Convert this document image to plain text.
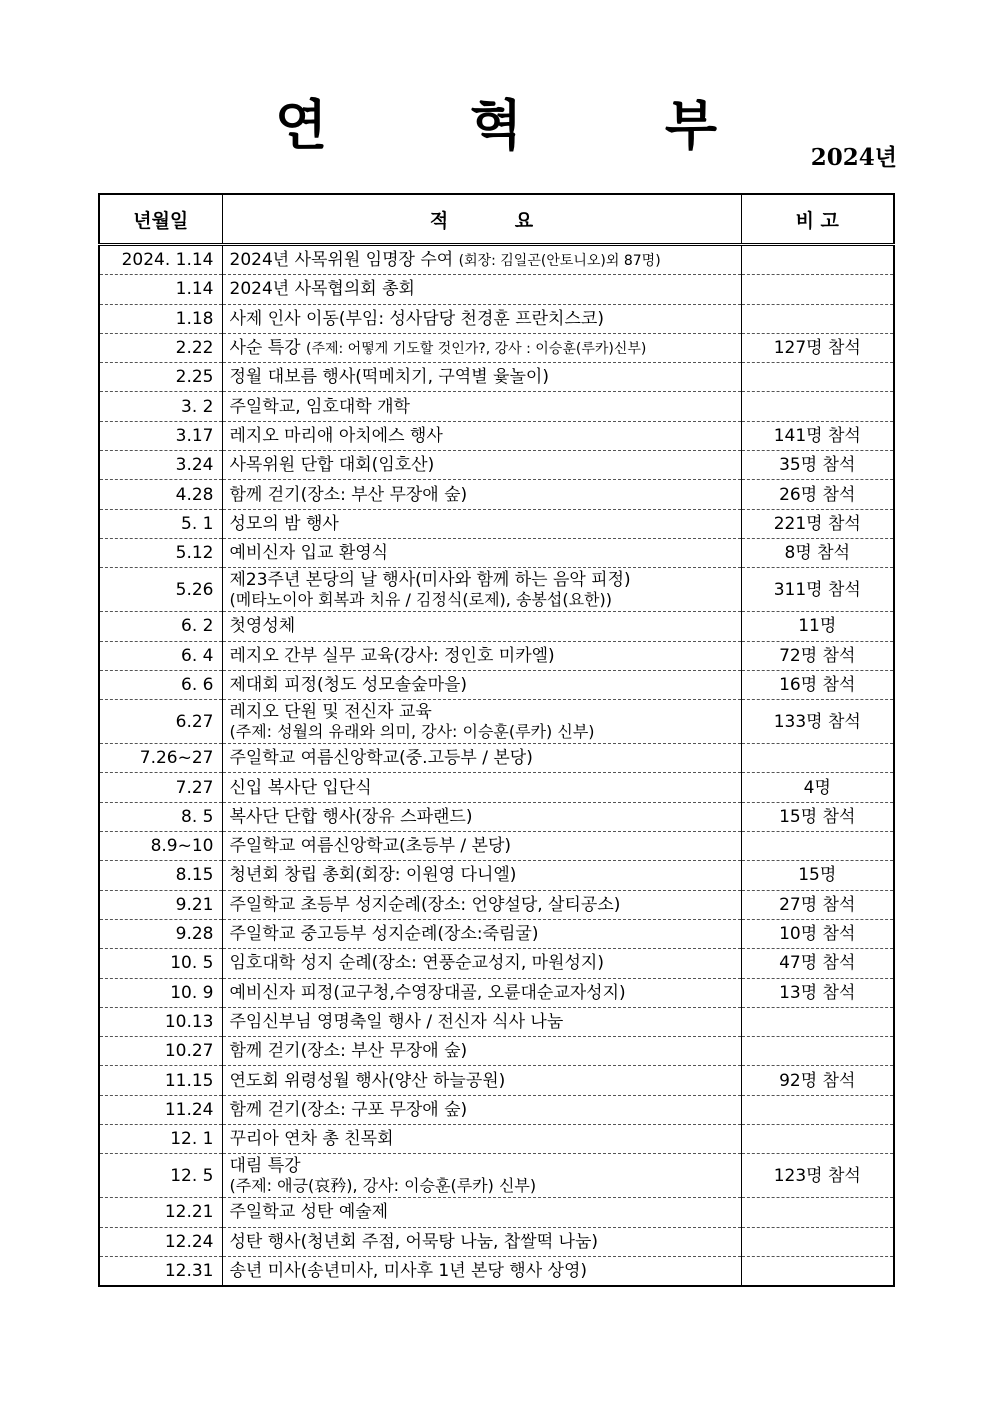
연 혁 부
2024년
년월일	적 요	비 고
2024. 1.14	2024년 사목위원 임명장 수여 (회장: 김일곤(안토니오)외 87명)	
1.14	2024년 사목협의회 총회	
1.18	사제 인사 이동(부임: 성사담당 천경훈 프란치스코)	
2.22	사순 특강 (주제: 어떻게 기도할 것인가?, 강사 : 이승훈(루카)신부)	127명 참석
2.25	정월 대보름 행사(떡메치기, 구역별 윷놀이)	
3. 2	주일학교, 임호대학 개학	
3.17	레지오 마리애 아치에스 행사	141명 참석
3.24	사목위원 단합 대회(임호산)	35명 참석
4.28	함께 걷기(장소: 부산 무장애 숲)	26명 참석
5. 1	성모의 밤 행사	221명 참석
5.12	예비신자 입교 환영식	8명 참석
5.26	제23주년 본당의 날 행사(미사와 함께 하는 음악 피정)
(메타노이아 회복과 치유 / 김정식(로제), 송봉섭(요한))	311명 참석
6. 2	첫영성체	11명
6. 4	레지오 간부 실무 교육(강사: 정인호 미카엘)	72명 참석
6. 6	제대회 피정(청도 성모솔숲마을)	16명 참석
6.27	레지오 단원 및 전신자 교육
(주제: 성월의 유래와 의미, 강사: 이승훈(루카) 신부)	133명 참석
7.26~27	주일학교 여름신앙학교(중.고등부 / 본당)	
7.27	신입 복사단 입단식	4명
8. 5	복사단 단합 행사(장유 스파랜드)	15명 참석
8.9~10	주일학교 여름신앙학교(초등부 / 본당)	
8.15	청년회 창립 총회(회장: 이원영 다니엘)	15명
9.21	주일학교 초등부 성지순례(장소: 언양설당, 살티공소)	27명 참석
9.28	주일학교 중고등부 성지순례(장소:죽림굴)	10명 참석
10. 5	임호대학 성지 순례(장소: 연풍순교성지, 마원성지)	47명 참석
10. 9	예비신자 피정(교구청,수영장대골, 오륜대순교자성지)	13명 참석
10.13	주임신부님 영명축일 행사 / 전신자 식사 나눔	
10.27	함께 걷기(장소: 부산 무장애 숲)	
11.15	연도회 위령성월 행사(양산 하늘공원)	92명 참석
11.24	함께 걷기(장소: 구포 무장애 숲)	
12. 1	꾸리아 연차 총 친목회	
12. 5	대림 특강
(주제: 애긍(哀矜), 강사: 이승훈(루카) 신부)	123명 참석
12.21	주일학교 성탄 예술제	
12.24	성탄 행사(청년회 주점, 어묵탕 나눔, 찹쌀떡 나눔)	
12.31	송년 미사(송년미사, 미사후 1년 본당 행사 상영)	
